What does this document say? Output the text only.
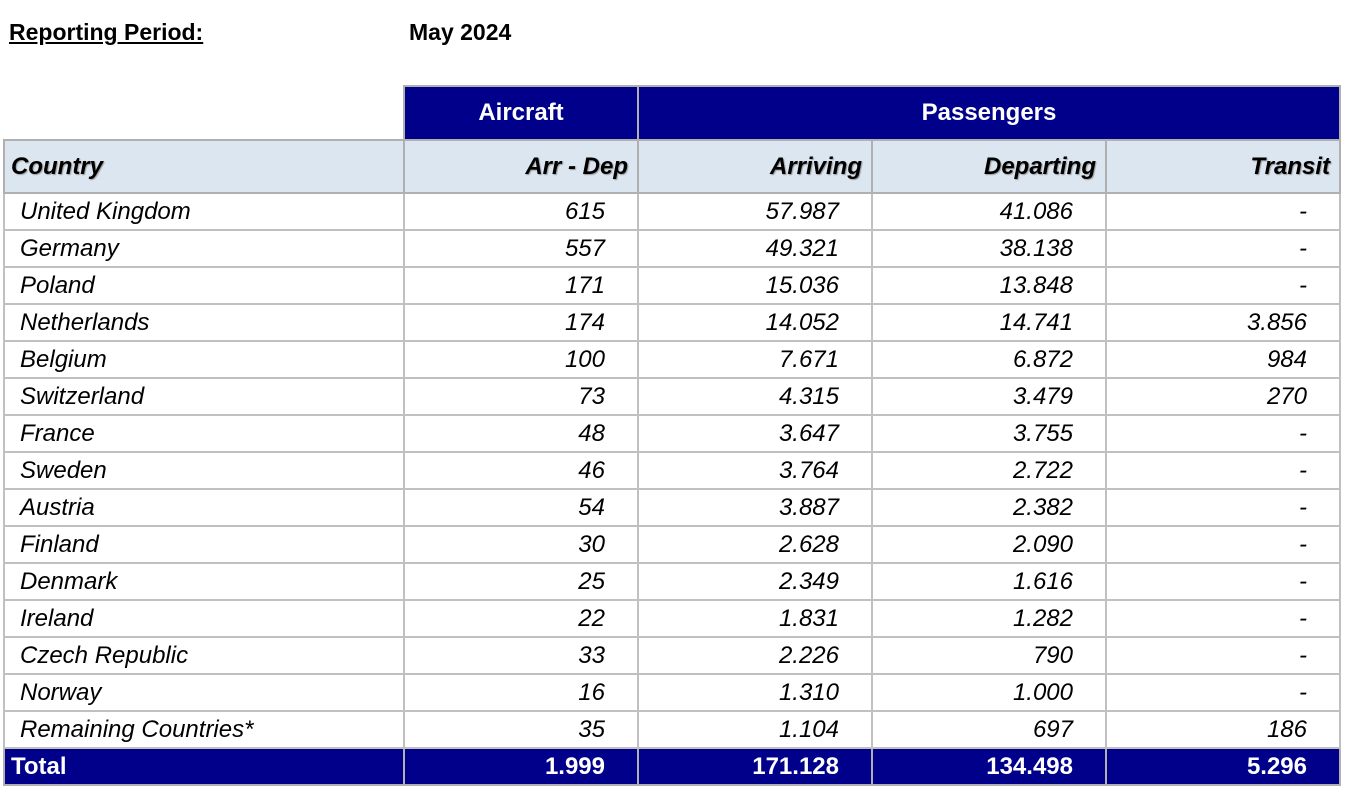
Reporting Period:	May 2024
	Aircraft	Passengers		
Country	Arr - Dep	Arriving	Departing	Transit
United Kingdom	615	57.987	41.086	-
Germany	557	49.321	38.138	-
Poland	171	15.036	13.848	-
Netherlands	174	14.052	14.741	3.856
Belgium	100	7.671	6.872	984
Switzerland	73	4.315	3.479	270
France	48	3.647	3.755	-
Sweden	46	3.764	2.722	-
Austria	54	3.887	2.382	-
Finland	30	2.628	2.090	-
Denmark	25	2.349	1.616	-
Ireland	22	1.831	1.282	-
Czech Republic	33	2.226	790	-
Norway	16	1.310	1.000	-
Remaining Countries*	35	1.104	697	186
Total	1.999	171.128	134.498	5.296
